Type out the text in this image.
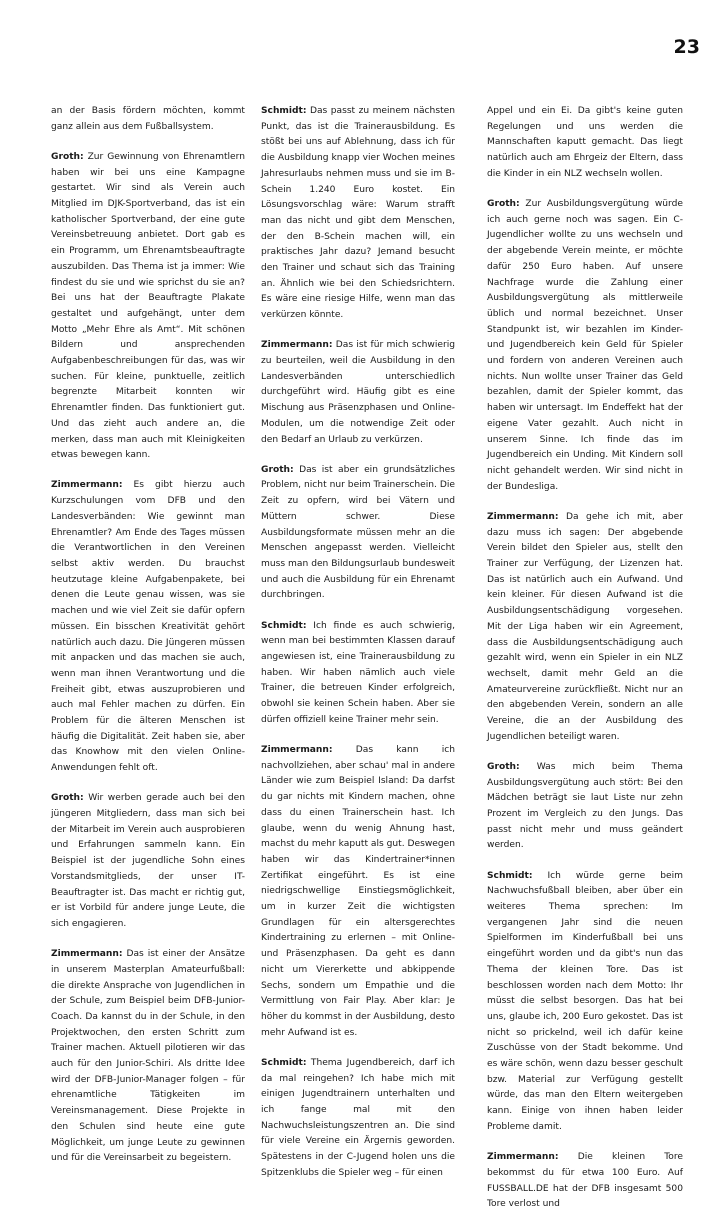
23

an der Basis fördern möchten, kommt ganz allein aus dem Fußballsystem.

Groth: Zur Gewinnung von Ehrenamtlern haben wir bei uns eine Kampagne gestartet. Wir sind als Verein auch Mitglied im DJK-Sportverband, das ist ein katholischer Sportverband, der eine gute Vereinsbetreuung anbietet. Dort gab es ein Programm, um Ehrenamtsbeauftragte auszubilden. Das Thema ist ja immer: Wie findest du sie und wie sprichst du sie an? Bei uns hat der Beauftragte Plakate gestaltet und aufgehängt, unter dem Motto „Mehr Ehre als Amt“. Mit schönen Bildern und ansprechenden Aufgabenbeschreibungen für das, was wir suchen. Für kleine, punktuelle, zeitlich begrenzte Mitarbeit konnten wir Ehrenamtler finden. Das funktioniert gut. Und das zieht auch andere an, die merken, dass man auch mit Kleinigkeiten etwas bewegen kann.

Zimmermann: Es gibt hierzu auch Kurzschulungen vom DFB und den Landesverbänden: Wie gewinnt man Ehrenamtler? Am Ende des Tages müssen die Verantwortlichen in den Vereinen selbst aktiv werden. Du brauchst heutzutage kleine Aufgabenpakete, bei denen die Leute genau wissen, was sie machen und wie viel Zeit sie dafür opfern müssen. Ein bisschen Kreativität gehört natürlich auch dazu. Die Jüngeren müssen mit anpacken und das machen sie auch, wenn man ihnen Verantwortung und die Freiheit gibt, etwas auszuprobieren und auch mal Fehler machen zu dürfen. Ein Problem für die älteren Menschen ist häufig die Digitalität. Zeit haben sie, aber das Knowhow mit den vielen Online-Anwendungen fehlt oft.

Groth: Wir werben gerade auch bei den jüngeren Mitgliedern, dass man sich bei der Mitarbeit im Verein auch ausprobieren und Erfahrungen sammeln kann. Ein Beispiel ist der jugendliche Sohn eines Vorstandsmitglieds, der unser IT-Beauftragter ist. Das macht er richtig gut, er ist Vorbild für andere junge Leute, die sich engagieren.

Zimmermann: Das ist einer der Ansätze in unserem Masterplan Amateurfußball: die direkte Ansprache von Jugendlichen in der Schule, zum Beispiel beim DFB-Junior-Coach. Da kannst du in der Schule, in den Projektwochen, den ersten Schritt zum Trainer machen. Aktuell pilotieren wir das auch für den Junior-Schiri. Als dritte Idee wird der DFB-Junior-Manager folgen – für ehrenamtliche Tätigkeiten im Vereinsmanagement. Diese Projekte in den Schulen sind heute eine gute Möglichkeit, um junge Leute zu gewinnen und für die Vereinsarbeit zu begeistern.

Schmidt: Das passt zu meinem nächsten Punkt, das ist die Trainerausbildung. Es stößt bei uns auf Ablehnung, dass ich für die Ausbildung knapp vier Wochen meines Jahresurlaubs nehmen muss und sie im B-Schein 1.240 Euro kostet. Ein Lösungsvorschlag wäre: Warum strafft man das nicht und gibt dem Menschen, der den B-Schein machen will, ein praktisches Jahr dazu? Jemand besucht den Trainer und schaut sich das Training an. Ähnlich wie bei den Schiedsrichtern. Es wäre eine riesige Hilfe, wenn man das verkürzen könnte.

Zimmermann: Das ist für mich schwierig zu beurteilen, weil die Ausbildung in den Landesverbänden unterschiedlich durchgeführt wird. Häufig gibt es eine Mischung aus Präsenzphasen und Online-Modulen, um die notwendige Zeit oder den Bedarf an Urlaub zu verkürzen.

Groth: Das ist aber ein grundsätzliches Problem, nicht nur beim Trainerschein. Die Zeit zu opfern, wird bei Vätern und Müttern schwer. Diese Ausbildungsformate müssen mehr an die Menschen angepasst werden. Vielleicht muss man den Bildungsurlaub bundesweit und auch die Ausbildung für ein Ehrenamt durchbringen.

Schmidt: Ich finde es auch schwierig, wenn man bei bestimmten Klassen darauf angewiesen ist, eine Trainerausbildung zu haben. Wir haben nämlich auch viele Trainer, die betreuen Kinder erfolgreich, obwohl sie keinen Schein haben. Aber sie dürfen offiziell keine Trainer mehr sein.

Zimmermann:	Das kann ich nachvollziehen, aber schau' mal in andere Länder wie zum Beispiel Island: Da darfst du gar nichts mit Kindern machen, ohne dass du einen Trainerschein hast. Ich glaube, wenn du wenig Ahnung hast, machst du mehr kaputt als gut. Deswegen haben wir das Kindertrainer*innen Zertifikat eingeführt. Es ist eine niedrigschwellige Einstiegsmöglichkeit, um in kurzer Zeit die wichtigsten Grundlagen für ein altersgerechtes Kindertraining zu erlernen – mit Online- und Präsenzphasen. Da geht es dann nicht um Viererkette und abkippende Sechs, sondern um Empathie und die Vermittlung von Fair Play. Aber klar: Je höher du kommst in der Ausbildung, desto mehr Aufwand ist es.

Schmidt: Thema Jugendbereich, darf ich da mal reingehen? Ich habe mich mit einigen Jugendtrainern unterhalten und ich fange mal mit den Nachwuchsleistungszentren an. Die sind für viele Vereine ein Ärgernis geworden. Spätestens in der C-Jugend holen uns die Spitzenklubs die Spieler weg – für einen

Appel und ein Ei. Da gibt's keine guten Regelungen und uns werden die Mannschaften kaputt gemacht. Das liegt natürlich auch am Ehrgeiz der Eltern, dass die Kinder in ein NLZ wechseln wollen.

Groth: Zur Ausbildungsvergütung würde ich auch gerne noch was sagen. Ein C-Jugendlicher wollte zu uns wechseln und der abgebende Verein meinte, er möchte dafür 250 Euro haben. Auf unsere Nachfrage wurde die Zahlung einer Ausbildungsvergütung als mittlerweile üblich und normal bezeichnet. Unser Standpunkt ist, wir bezahlen im Kinder- und Jugendbereich kein Geld für Spieler und fordern von anderen Vereinen auch nichts. Nun wollte unser Trainer das Geld bezahlen, damit der Spieler kommt, das haben wir untersagt. Im Endeffekt hat der eigene Vater gezahlt. Auch nicht in unserem Sinne. Ich finde das im Jugendbereich ein Unding. Mit Kindern soll nicht gehandelt werden. Wir sind nicht in der Bundesliga.

Zimmermann: Da gehe ich mit, aber dazu muss ich sagen: Der abgebende Verein bildet den Spieler aus, stellt den Trainer zur Verfügung, der Lizenzen hat. Das ist natürlich auch ein Aufwand. Und kein kleiner. Für diesen Aufwand ist die Ausbildungsentschädigung vorgesehen. Mit der Liga haben wir ein Agreement, dass die Ausbildungsentschädigung auch gezahlt wird, wenn ein Spieler in ein NLZ wechselt, damit mehr Geld an die Amateurvereine zurückfließt. Nicht nur an den abgebenden Verein, sondern an alle Vereine, die an der Ausbildung des Jugendlichen beteiligt waren.

Groth: Was mich beim Thema Ausbildungsvergütung auch stört: Bei den Mädchen beträgt sie laut Liste nur zehn Prozent im Vergleich zu den Jungs. Das passt nicht mehr und muss geändert werden.

Schmidt: Ich würde gerne beim Nachwuchsfußball bleiben, aber über ein weiteres Thema sprechen: Im vergangenen Jahr sind die neuen Spielformen im Kinderfußball bei uns eingeführt worden und da gibt's nun das Thema der kleinen Tore. Das ist beschlossen worden nach dem Motto: Ihr müsst die selbst besorgen. Das hat bei uns, glaube ich, 200 Euro gekostet. Das ist nicht so prickelnd, weil ich dafür keine Zuschüsse von der Stadt bekomme. Und es wäre schön, wenn dazu besser geschult bzw. Material zur Verfügung gestellt würde, das man den Eltern weitergeben kann. Einige von ihnen haben leider Probleme damit.

Zimmermann: Die kleinen Tore bekommst du für etwa 100 Euro. Auf FUSSBALL.DE hat der DFB insgesamt 500 Tore verlost und
